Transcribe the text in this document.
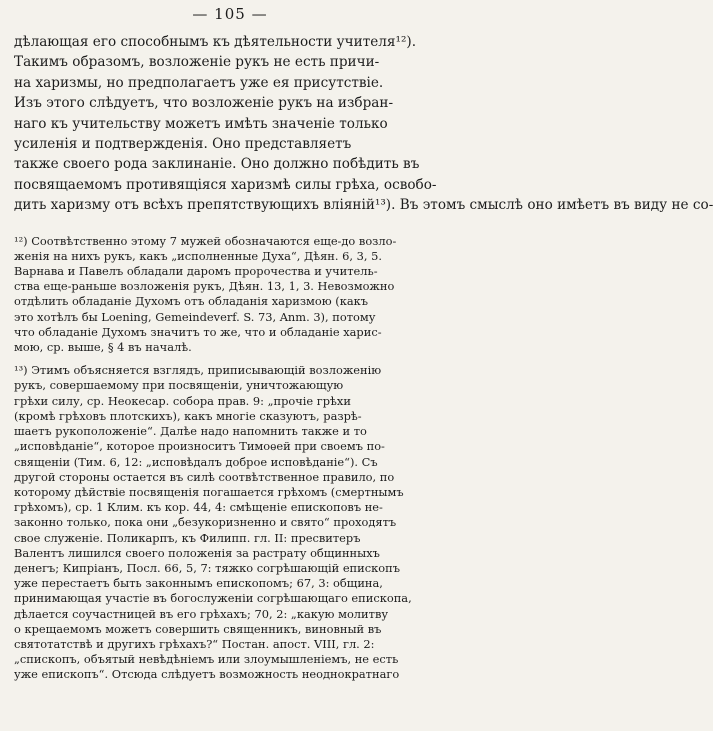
— 105 —
дѣлающая его способнымъ къ дѣятельности учителя¹²).
Такимъ образомъ, возложеніе рукъ не есть причи-
на харизмы, но предполагаетъ уже ея присутствіе.
Изъ этого слѣдуетъ, что возложеніе рукъ на избран-
наго къ учительству можетъ имѣть значеніе только
усиленія и подтвержденія. Оно представляетъ
также своего рода заклинаніе. Оно должно побѣдить въ
посвящаемомъ противящіяся харизмѣ силы грѣха, освобо-
дить харизму отъ всѣхъ препятствующихъ вліяній¹³). Въ этомъ смыслѣ оно имѣетъ въ виду не со-
¹²) Соотвѣтственно этому 7 мужей обозначаются еще-до возло-
женія на нихъ рукъ, какъ „исполненные Духа“, Дѣян. 6, 3, 5.
Варнава и Павелъ обладали даромъ пророчества и учитель-
ства еще-раньше возложенія рукъ, Дѣян. 13, 1, 3. Невозможно
отдѣлить обладаніе Духомъ отъ обладанія харизмою (какъ
это хотѣлъ бы Loening, Gemeindeverf. S. 73, Anm. 3), потому
что обладаніе Духомъ значитъ то же, что и обладаніе харис-
мою, ср. выше, § 4 въ началѣ.
¹³) Этимъ объясняется взглядъ, приписывающій возложенію
рукъ, совершаемому при посвященіи, уничтожающую
грѣхи силу, ср. Неокесар. собора прав. 9: „прочіе грѣхи
(кромѣ грѣховъ плотскихъ), какъ многіе сказуютъ, разрѣ-
шаетъ рукоположеніе“. Далѣе надо напомнить также и то
„исповѣданіе“, которое произноситъ Тимоѳей при своемъ по-
священіи (Тим. 6, 12: „исповѣдалъ доброе исповѣданіе“). Съ
другой стороны остается въ силѣ соотвѣтственное правило, по
которому дѣйствіе посвященія погашается грѣхомъ (смертнымъ
грѣхомъ), ср. 1 Клим. къ кор. 44, 4: смѣщеніе епископовъ не-
законно только, пока они „безукоризненно и свято“ проходятъ
свое служеніе. Поликарпъ, къ Филипп. гл. II: пресвитеръ
Валентъ лишился своего положенія за растрату общинныхъ
денегъ; Кипріанъ, Посл. 66, 5, 7: тяжко согрѣшающій епископъ
уже перестаетъ быть законнымъ епископомъ; 67, 3: община,
принимающая участіе въ богослуженіи согрѣшающаго епископа,
дѣлается соучастницей въ его грѣхахъ; 70, 2: „какую молитву
о крещаемомъ можетъ совершить священникъ, виновный въ
святотатствѣ и другихъ грѣхахъ?“ Постан. апост. VIII, гл. 2:
„спископъ, объятый невѣдѣніемъ или злоумышленіемъ, не есть
уже епископъ“. Отсюда слѣдуетъ возможность неоднократнаго
